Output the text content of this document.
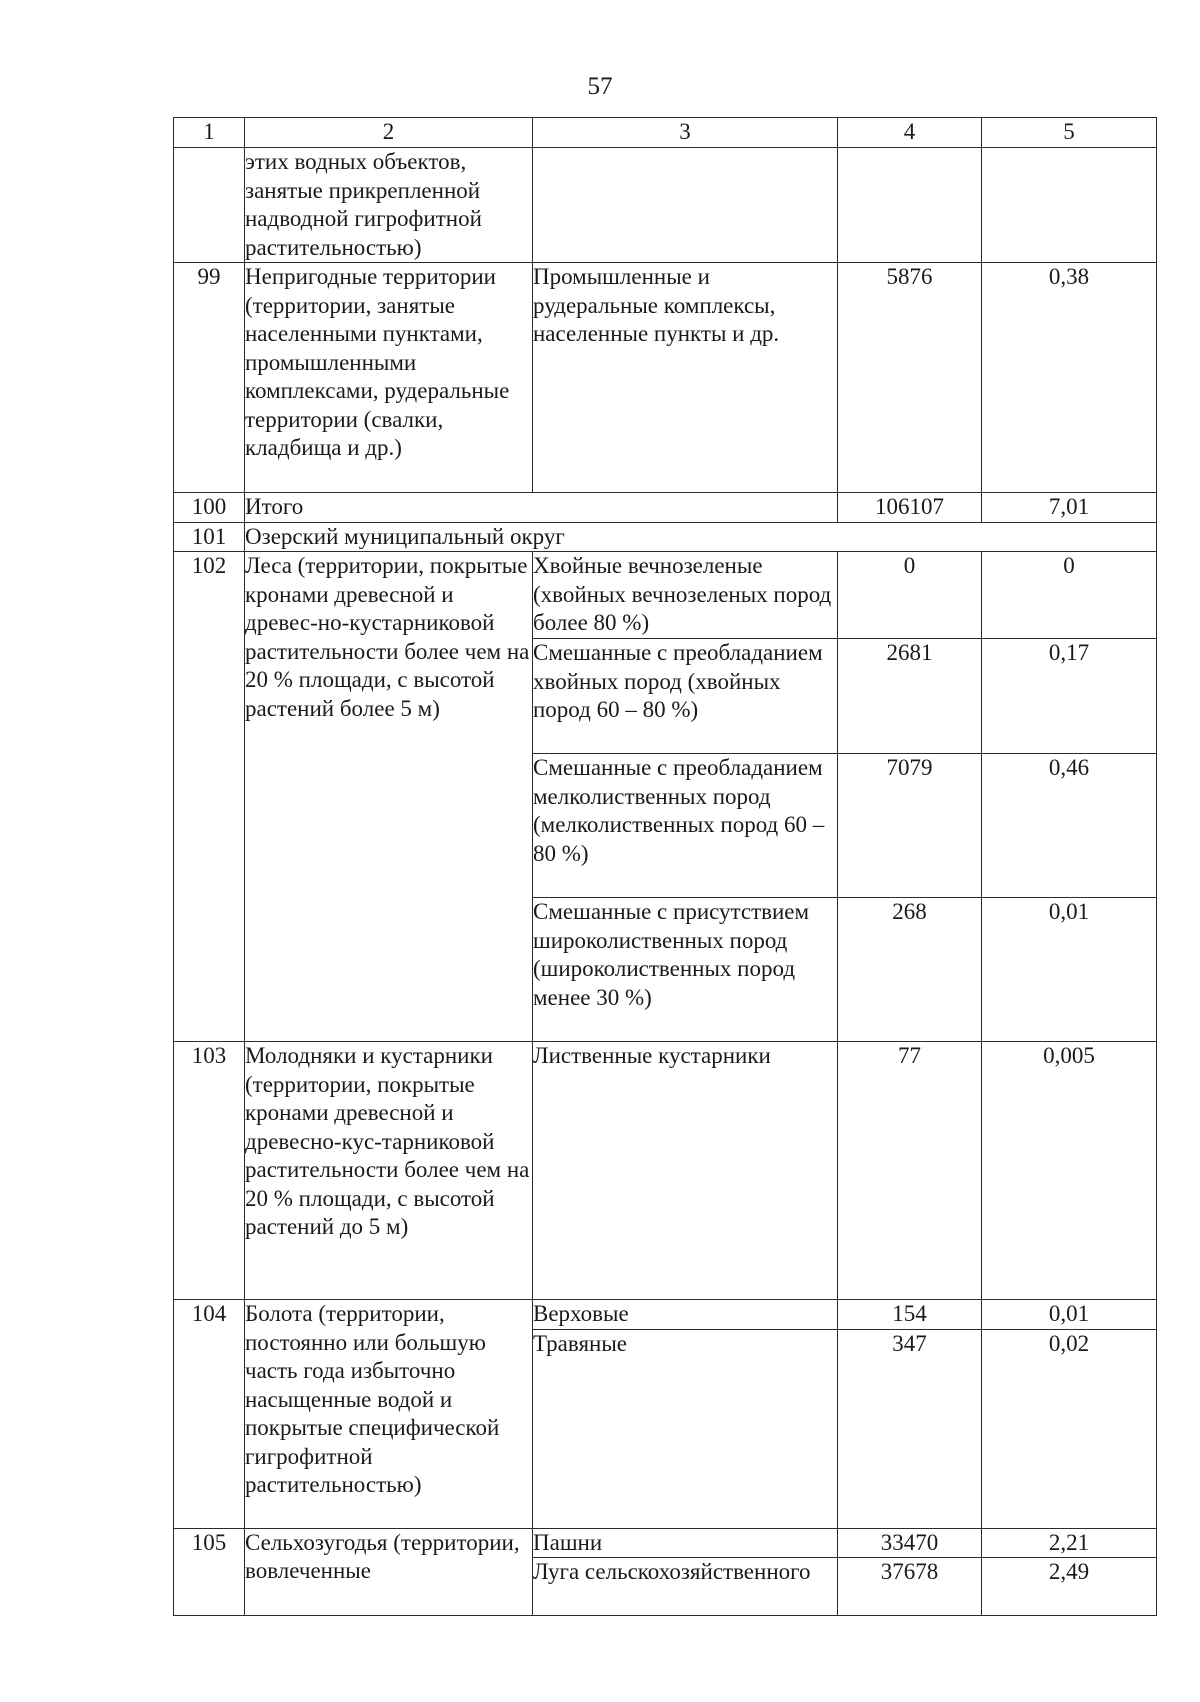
57
1	2	3	4	5
	этих водных объектов, занятые прикрепленной надводной гигрофитной растительностью)			
99	Непригодные территории (территории, занятые населенными пунктами, промышленными комплексами, рудеральные территории (свалки, кладбища и др.)	Промышленные и рудеральные комплексы, населенные пункты и др.	5876	0,38
100	Итого		106107	7,01
101	Озерский муниципальный округ			
102	Леса (территории, покрытые кронами древесной и древес-но-кустарниковой растительности более чем на 20 % площади, с высотой растений более 5 м)	Хвойные вечнозеленые (хвойных вечнозеленых пород более 80 %)	0	0
		Смешанные с преобладанием хвойных пород (хвойных пород 60 – 80 %)	2681	0,17
		Смешанные с преобладанием мелколиственных пород (мелколиственных пород 60 – 80 %)	7079	0,46
		Смешанные с присутствием широколиственных пород (широколиственных пород менее 30 %)	268	0,01
103	Молодняки и кустарники (территории, покрытые кронами древесной и древесно-кус-тарниковой растительности более чем на 20 % площади, с высотой растений до 5 м)	Лиственные кустарники	77	0,005
104	Болота (территории, постоянно или большую часть года избыточно насыщенные водой и покрытые специфической гигрофитной растительностью)	Верховые	154	0,01
		Травяные	347	0,02
105	Сельхозугодья (территории, вовлеченные	Пашни	33470	2,21
		Луга сельскохозяйственного	37678	2,49
